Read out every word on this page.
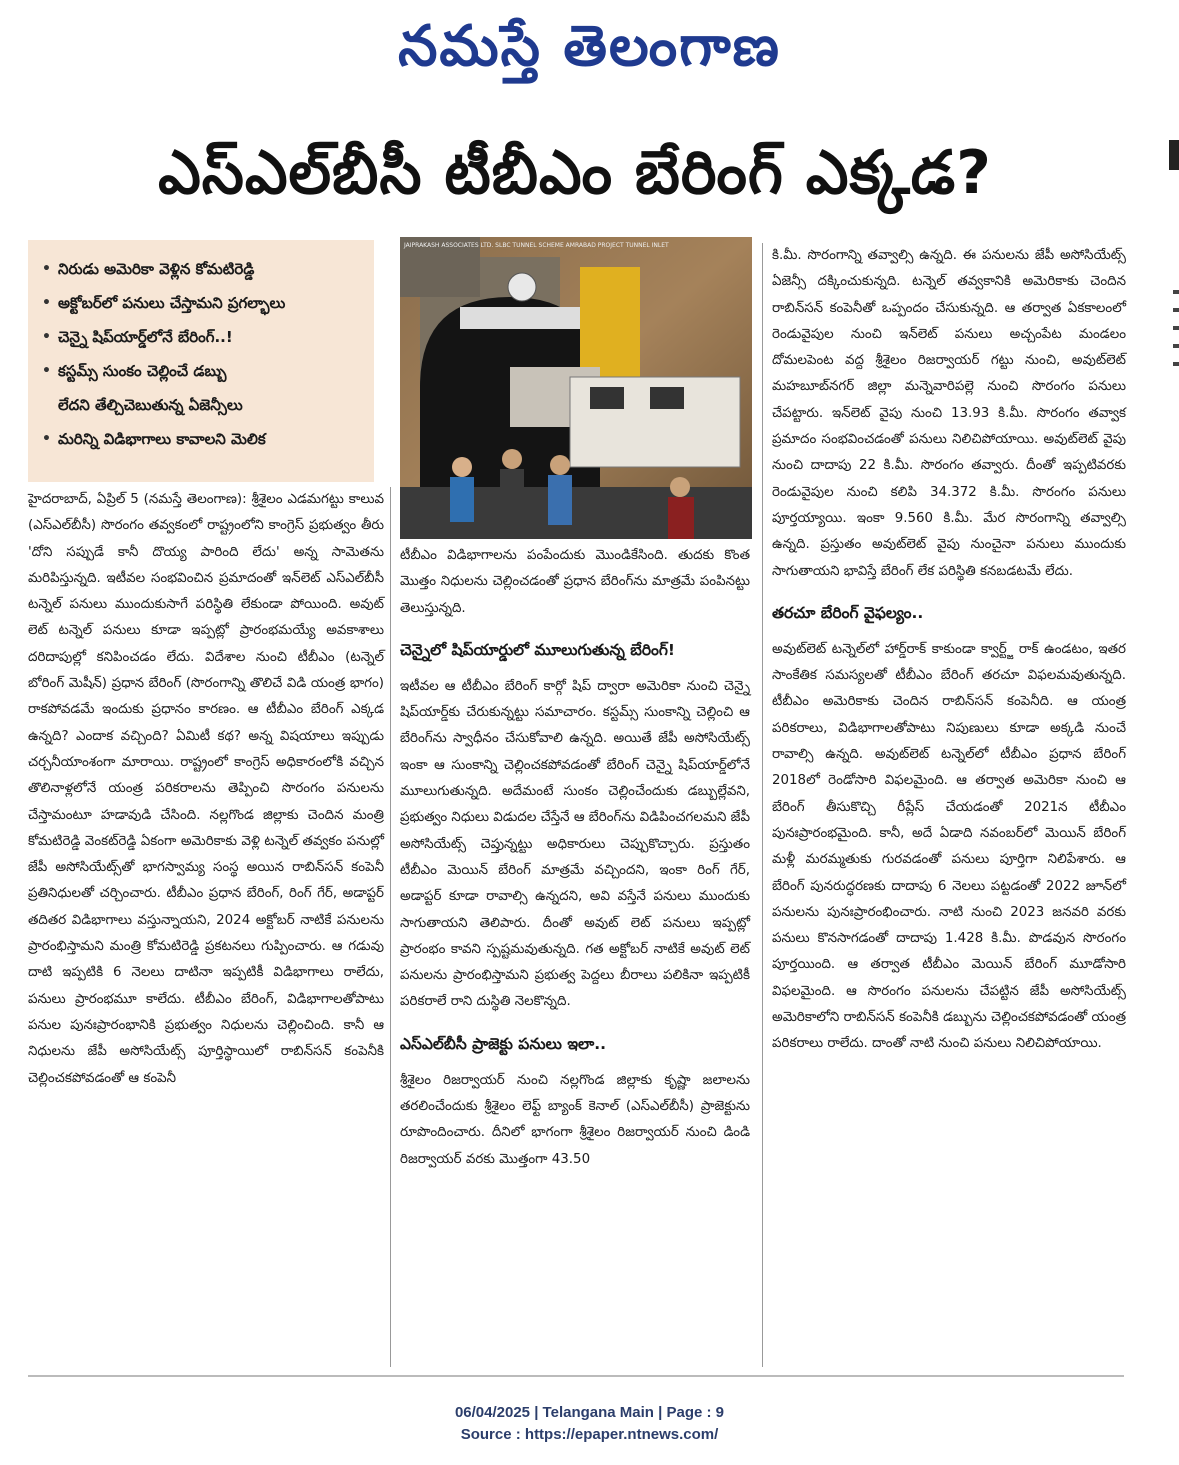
నమస్తే తెలంగాణ
ఎస్‌ఎల్‌బీసీ టీబీఎం బేరింగ్ ఎక్కడ?
• నిరుడు అమెరికా వెళ్లిన కోమటిరెడ్డి
• అక్టోబర్‌లో పనులు చేస్తామని ప్రగల్భాలు
• చెన్నై షిప్‌యార్డ్‌లోనే బేరింగ్..!
• కస్టమ్స్ సుంకం చెల్లించే డబ్బు
లేదని తేల్చిచెబుతున్న ఏజెన్సీలు
• మరిన్ని విడిభాగాలు కావాలని మెలిక
JAIPRAKASH ASSOCIATES LTD. SLBC TUNNEL SCHEME AMRABAD PROJECT TUNNEL INLET

హైదరాబాద్, ఏప్రిల్ 5 (నమస్తే తెలంగాణ): శ్రీశైలం ఎడమగట్టు కాలువ (ఎస్‌ఎల్‌బీసీ) సొరంగం తవ్వకంలో రాష్ట్రంలోని కాంగ్రెస్ ప్రభుత్వం తీరు 'దోని సప్పుడే కానీ దొయ్య పారింది లేదు' అన్న సామెతను మరిపిస్తున్నది. ఇటీవల సంభవించిన ప్రమాదంతో ఇన్‌లెట్ ఎస్‌ఎల్‌బీసీ టన్నెల్ పనులు ముందుకుసాగే పరిస్థితి లేకుండా పోయింది. అవుట్ లెట్ టన్నెల్ పనులు కూడా ఇప్పట్లో ప్రారంభమయ్యే అవకాశాలు దరిదాపుల్లో కనిపించడం లేదు. విదేశాల నుంచి టీబీఎం (టన్నెల్ బోరింగ్ మెషీన్) ప్రధాన బేరింగ్ (సొరంగాన్ని తొలిచే విడి యంత్ర భాగం) రాకపోవడమే ఇందుకు ప్రధానం కారణం. ఆ టీబీఎం బేరింగ్ ఎక్కడ ఉన్నది? ఎందాక వచ్చింది? ఏమిటీ కథ? అన్న విషయాలు ఇప్పుడు చర్చనీయాంశంగా మారాయి. రాష్ట్రంలో కాంగ్రెస్ అధికారంలోకి వచ్చిన తొలినాళ్లలోనే యంత్ర పరికరాలను తెప్పించి సొరంగం పనులను చేస్తామంటూ హడావుడి చేసింది. నల్లగొండ జిల్లాకు చెందిన మంత్రి కోమటిరెడ్డి వెంకట్‌రెడ్డి ఏకంగా అమెరికాకు వెళ్లి టన్నెల్ తవ్వకం పనుల్లో జేపీ అసోసియేట్స్‌తో భాగస్వామ్య సంస్థ అయిన రాబిన్‌సన్ కంపెనీ ప్రతినిధులతో చర్చించారు. టీబీఎం ప్రధాన బేరింగ్, రింగ్ గేర్, అడాప్టర్ తదితర విడిభాగాలు వస్తున్నాయని, 2024 అక్టోబర్ నాటికే పనులను ప్రారంభిస్తామని మంత్రి కోమటిరెడ్డి ప్రకటనలు గుప్పించారు. ఆ గడువు దాటి ఇప్పటికి 6 నెలలు దాటినా ఇప్పటికీ విడిభాగాలు రాలేదు, పనులు ప్రారంభమూ కాలేదు. టీబీఎం బేరింగ్, విడిభాగాలతోపాటు పనుల పునఃప్రారంభానికి ప్రభుత్వం నిధులను చెల్లించింది. కానీ ఆ నిధులను జేపీ అసోసియేట్స్ పూర్తిస్థాయిలో రాబిన్‌సన్ కంపెనీకి చెల్లించకపోవడంతో ఆ కంపెనీ

టీబీఎం విడిభాగాలను పంపేందుకు మొండికేసింది. తుదకు కొంత మొత్తం నిధులను చెల్లించడంతో ప్రధాన బేరింగ్‌ను మాత్రమే పంపినట్టు తెలుస్తున్నది.

చెన్నైలో షిప్‌యార్డులో మూలుగుతున్న బేరింగ్!

ఇటీవల ఆ టీబీఎం బేరింగ్ కార్గో షిప్ ద్వారా అమెరికా నుంచి చెన్నై షిప్‌యార్డ్‌కు చేరుకున్నట్టు సమాచారం. కస్టమ్స్ సుంకాన్ని చెల్లించి ఆ బేరింగ్‌ను స్వాధీనం చేసుకోవాలి ఉన్నది. అయితే జేపీ అసోసియేట్స్ ఇంకా ఆ సుంకాన్ని చెల్లించకపోవడంతో బేరింగ్ చెన్నై షిప్‌యార్డ్‌లోనే మూలుగుతున్నది. అదేమంటే సుంకం చెల్లించేందుకు డబ్బుల్లేవని, ప్రభుత్వం నిధులు విడుదల చేస్తేనే ఆ బేరింగ్‌ను విడిపించగలమని జేపీ అసోసియేట్స్ చెప్తున్నట్టు అధికారులు చెప్పుకొచ్చారు. ప్రస్తుతం టీబీఎం మెయిన్ బేరింగ్ మాత్రమే వచ్చిందని, ఇంకా రింగ్ గేర్, అడాప్టర్ కూడా రావాల్సి ఉన్నదని, అవి వస్తేనే పనులు ముందుకు సాగుతాయని తెలిపారు. దీంతో అవుట్ లెట్ పనులు ఇప్పట్లో ప్రారంభం కావని స్పష్టమవుతున్నది. గత అక్టోబర్ నాటికే అవుట్ లెట్ పనులను ప్రారంభిస్తామని ప్రభుత్వ పెద్దలు బీరాలు పలికినా ఇప్పటికీ పరికరాలే రాని దుస్థితి నెలకొన్నది.

ఎస్‌ఎల్‌బీసీ ప్రాజెక్టు పనులు ఇలా..

శ్రీశైలం రిజర్వాయర్ నుంచి నల్లగొండ జిల్లాకు కృష్ణా జలాలను తరలించేందుకు శ్రీశైలం లెఫ్ట్ బ్యాంక్ కెనాల్ (ఎస్‌ఎల్‌బీసీ) ప్రాజెక్టును రూపొందించారు. దీనిలో భాగంగా శ్రీశైలం రిజర్వాయర్ నుంచి డిండి రిజర్వాయర్ వరకు మొత్తంగా 43.50

కి.మీ. సొరంగాన్ని తవ్వాల్సి ఉన్నది. ఈ పనులను జేపీ అసోసియేట్స్ ఏజెన్సీ దక్కించుకున్నది. టన్నెల్ తవ్వకానికి అమెరికాకు చెందిన రాబిన్‌సన్ కంపెనీతో ఒప్పందం చేసుకున్నది. ఆ తర్వాత ఏకకాలంలో రెండువైపుల నుంచి ఇన్‌లెట్ పనులు అచ్చంపేట మండలం దోమలపెంట వద్ద శ్రీశైలం రిజర్వాయర్ గట్టు నుంచి, అవుట్‌లెట్ మహబూబ్‌నగర్ జిల్లా మన్నెవారిపల్లె నుంచి సొరంగం పనులు చేపట్టారు. ఇన్‌లెట్ వైపు నుంచి 13.93 కి.మీ. సొరంగం తవ్వాక ప్రమాదం సంభవించడంతో పనులు నిలిచిపోయాయి. అవుట్‌లెట్ వైపు నుంచి దాదాపు 22 కి.మీ. సొరంగం తవ్వారు. దీంతో ఇప్పటివరకు రెండువైపుల నుంచి కలిపి 34.372 కి.మీ. సొరంగం పనులు పూర్తయ్యాయి. ఇంకా 9.560 కి.మీ. మేర సొరంగాన్ని తవ్వాల్సి ఉన్నది. ప్రస్తుతం అవుట్‌లెట్ వైపు నుంచైనా పనులు ముందుకు సాగుతాయని భావిస్తే బేరింగ్ లేక పరిస్థితి కనబడటమే లేదు.

తరచూ బేరింగ్ వైఫల్యం..

అవుట్‌లెట్ టన్నెల్‌లో హార్డ్‌రాక్ కాకుండా క్వార్ట్జ్ రాక్ ఉండటం, ఇతర సాంకేతిక సమస్యలతో టీబీఎం బేరింగ్ తరచూ విఫలమవుతున్నది. టీబీఎం అమెరికాకు చెందిన రాబిన్‌సన్ కంపెనీది. ఆ యంత్ర పరికరాలు, విడిభాగాలతోపాటు నిపుణులు కూడా అక్కడి నుంచే రావాల్సి ఉన్నది. అవుట్‌లెట్ టన్నెల్‌లో టీబీఎం ప్రధాన బేరింగ్ 2018లో రెండోసారి విఫలమైంది. ఆ తర్వాత అమెరికా నుంచి ఆ బేరింగ్ తీసుకొచ్చి రీప్లేస్ చేయడంతో 2021న టీబీఎం పునఃప్రారంభమైంది. కానీ, అదే ఏడాది నవంబర్‌లో మెయిన్ బేరింగ్ మళ్లీ మరమ్మతుకు గురవడంతో పనులు పూర్తిగా నిలిపేశారు. ఆ బేరింగ్ పునరుద్ధరణకు దాదాపు 6 నెలలు పట్టడంతో 2022 జూన్‌లో పనులను పునఃప్రారంభించారు. నాటి నుంచి 2023 జనవరి వరకు పనులు కొనసాగడంతో దాదాపు 1.428 కి.మీ. పొడవున సొరంగం పూర్తయింది. ఆ తర్వాత టీబీఎం మెయిన్ బేరింగ్ మూడోసారి విఫలమైంది. ఆ సొరంగం పనులను చేపట్టిన జేపీ అసోసియేట్స్ అమెరికాలోని రాబిన్‌సన్ కంపెనీకి డబ్బును చెల్లించకపోవడంతో యంత్ర పరికరాలు రాలేదు. దాంతో నాటి నుంచి పనులు నిలిచిపోయాయి.

06/04/2025 | Telangana Main | Page : 9
Source : https://epaper.ntnews.com/
